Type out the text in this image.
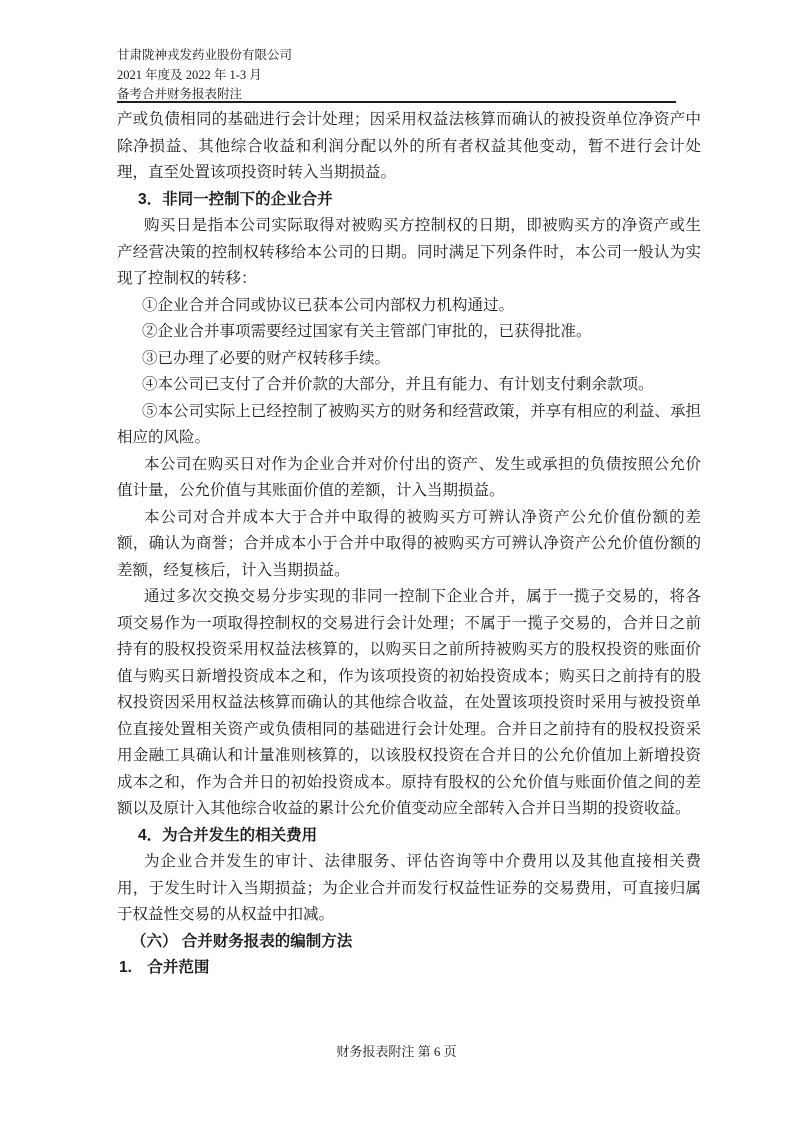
甘肃陇神戎发药业股份有限公司
2021 年度及 2022 年 1-3 月
备考合并财务报表附注
产或负债相同的基础进行会计处理；因采用权益法核算而确认的被投资单位净资产中除净损益、其他综合收益和利润分配以外的所有者权益其他变动，暂不进行会计处理，直至处置该项投资时转入当期损益。
3．非同一控制下的企业合并
购买日是指本公司实际取得对被购买方控制权的日期，即被购买方的净资产或生产经营决策的控制权转移给本公司的日期。同时满足下列条件时，本公司一般认为实现了控制权的转移：
①企业合并合同或协议已获本公司内部权力机构通过。
②企业合并事项需要经过国家有关主管部门审批的，已获得批准。
③已办理了必要的财产权转移手续。
④本公司已支付了合并价款的大部分，并且有能力、有计划支付剩余款项。
⑤本公司实际上已经控制了被购买方的财务和经营政策，并享有相应的利益、承担相应的风险。
本公司在购买日对作为企业合并对价付出的资产、发生或承担的负债按照公允价值计量，公允价值与其账面价值的差额，计入当期损益。
本公司对合并成本大于合并中取得的被购买方可辨认净资产公允价值份额的差额，确认为商誉；合并成本小于合并中取得的被购买方可辨认净资产公允价值份额的差额，经复核后，计入当期损益。
通过多次交换交易分步实现的非同一控制下企业合并，属于一揽子交易的，将各项交易作为一项取得控制权的交易进行会计处理；不属于一揽子交易的，合并日之前持有的股权投资采用权益法核算的，以购买日之前所持被购买方的股权投资的账面价值与购买日新增投资成本之和，作为该项投资的初始投资成本；购买日之前持有的股权投资因采用权益法核算而确认的其他综合收益，在处置该项投资时采用与被投资单位直接处置相关资产或负债相同的基础进行会计处理。合并日之前持有的股权投资采用金融工具确认和计量准则核算的，以该股权投资在合并日的公允价值加上新增投资成本之和，作为合并日的初始投资成本。原持有股权的公允价值与账面价值之间的差额以及原计入其他综合收益的累计公允价值变动应全部转入合并日当期的投资收益。
4．为合并发生的相关费用
为企业合并发生的审计、法律服务、评估咨询等中介费用以及其他直接相关费用，于发生时计入当期损益；为企业合并而发行权益性证券的交易费用，可直接归属于权益性交易的从权益中扣减。
（六） 合并财务报表的编制方法
1.　合并范围
财务报表附注 第 6 页
